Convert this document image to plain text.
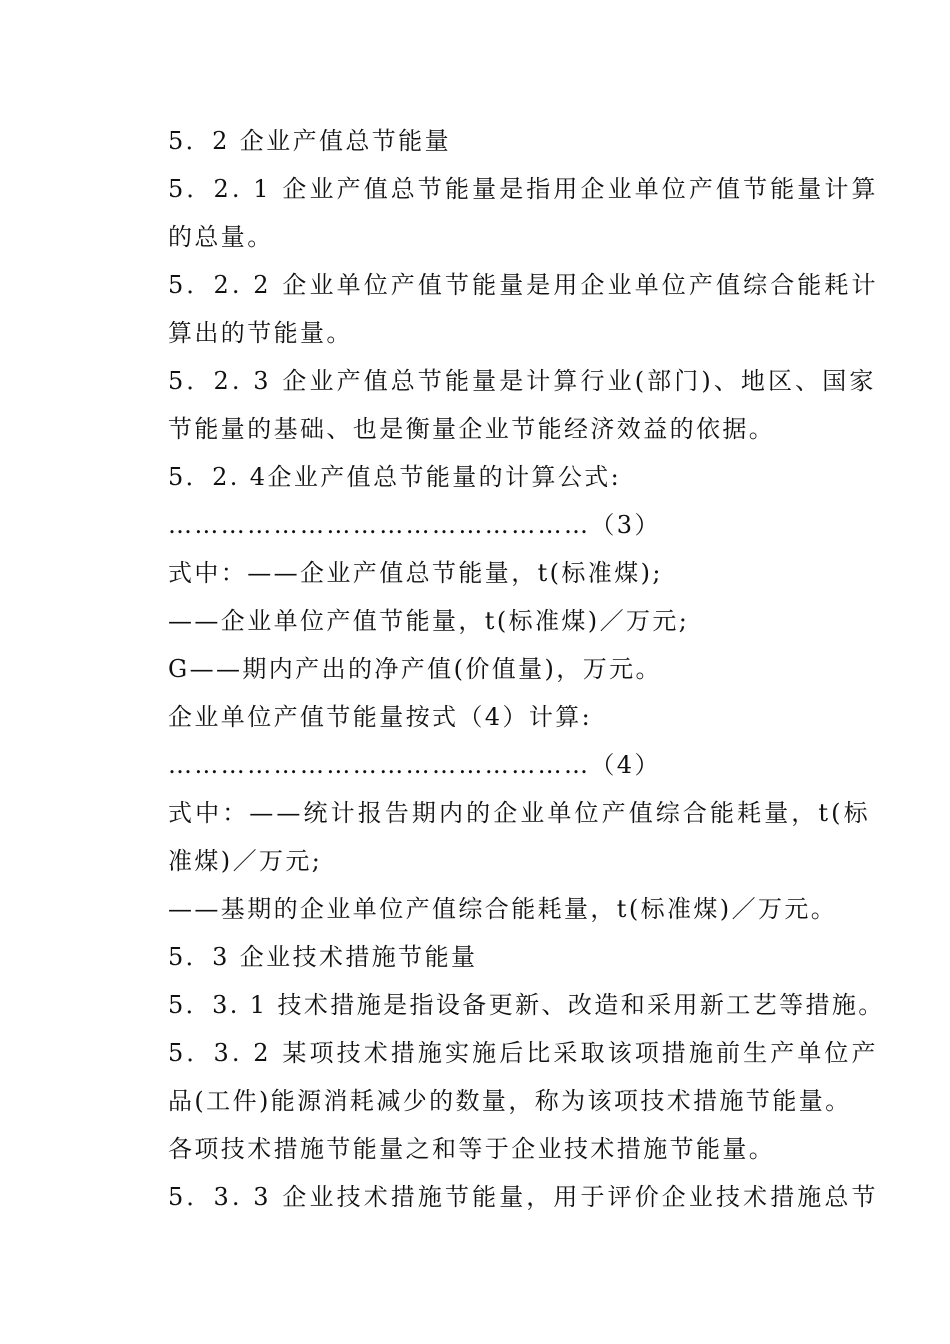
5．2 企业产值总节能量
5．2. 1 企业产值总节能量是指用企业单位产值节能量计算
的总量。
5．2. 2 企业单位产值节能量是用企业单位产值综合能耗计
算出的节能量。
5．2. 3 企业产值总节能量是计算行业(部门)、地区、国家
节能量的基础、也是衡量企业节能经济效益的依据。
5．2. 4企业产值总节能量的计算公式:
…………………………………………（3）
式中：——企业产值总节能量，t(标准煤);
——企业单位产值节能量，t(标准煤)／万元;
G——期内产出的净产值(价值量)，万元。
企业单位产值节能量按式（4）计算:
…………………………………………（4）
式中：——统计报告期内的企业单位产值综合能耗量，t(标
准煤)／万元;
——基期的企业单位产值综合能耗量，t(标准煤)／万元。
5．3 企业技术措施节能量
5．3. 1 技术措施是指设备更新、改造和采用新工艺等措施。
5．3. 2 某项技术措施实施后比采取该项措施前生产单位产
品(工件)能源消耗减少的数量，称为该项技术措施节能量。
各项技术措施节能量之和等于企业技术措施节能量。
5．3. 3 企业技术措施节能量，用于评价企业技术措施总节
